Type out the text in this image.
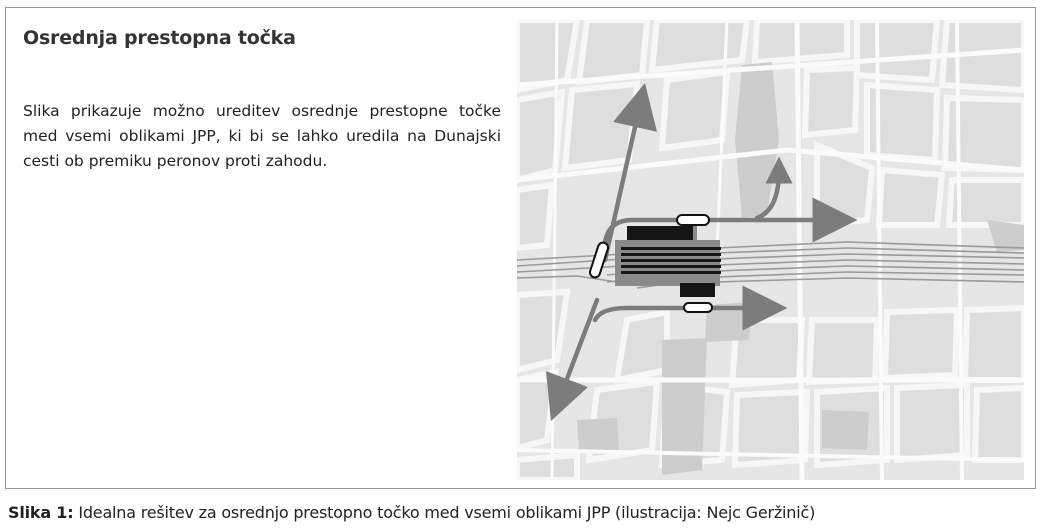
Osrednja prestopna točka
Slika prikazuje možno ureditev osrednje prestopne točke med vsemi oblikami JPP, ki bi se lahko uredila na Dunajski cesti ob premiku peronov proti zahodu.
Slika 1: Idealna rešitev za osrednjo prestopno točko med vsemi oblikami JPP (ilustracija: Nejc Geržinič)
